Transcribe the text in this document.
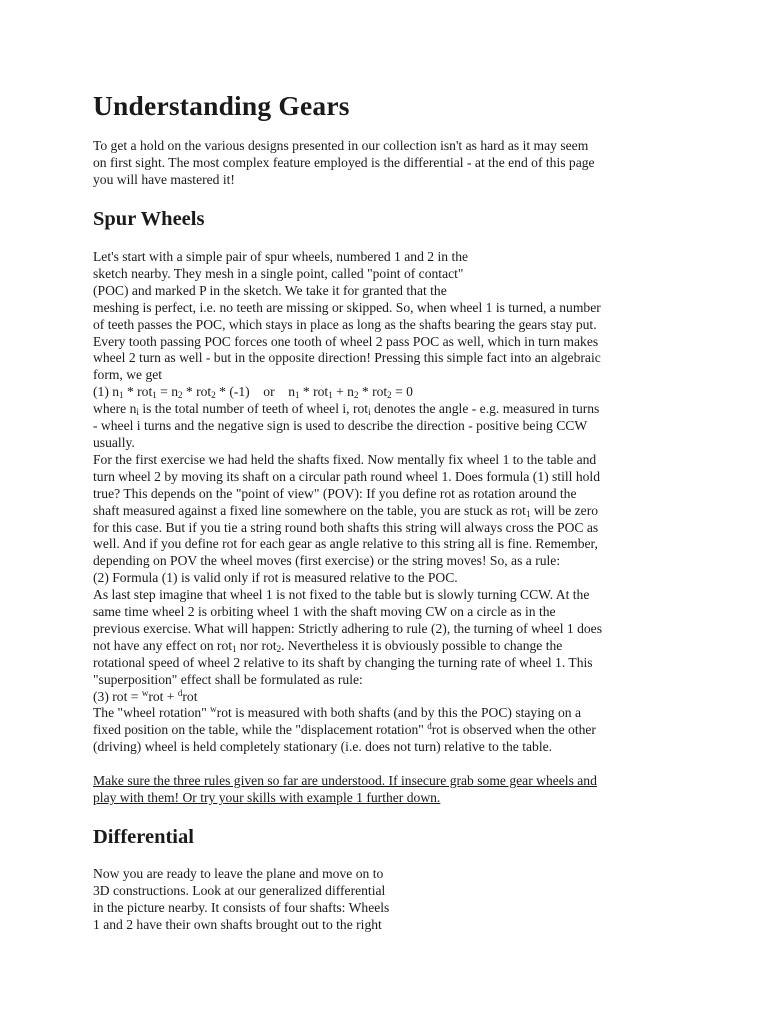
Understanding Gears
To get a hold on the various designs presented in our collection isn't as hard as it may seem
on first sight. The most complex feature employed is the differential - at the end of this page
you will have mastered it!
Spur Wheels
Let's start with a simple pair of spur wheels, numbered 1 and 2 in the
sketch nearby. They mesh in a single point, called "point of contact"
(POC) and marked P in the sketch. We take it for granted that the
meshing is perfect, i.e. no teeth are missing or skipped. So, when wheel 1 is turned, a number
of teeth passes the POC, which stays in place as long as the shafts bearing the gears stay put.
Every tooth passing POC forces one tooth of wheel 2 pass POC as well, which in turn makes
wheel 2 turn as well - but in the opposite direction! Pressing this simple fact into an algebraic
form, we get
(1) $n_1 * rot_1 = n_2 * rot_2 * (-1)$    or    $n_1 * rot_1 + n_2 * rot_2 = 0$
where $n_i$ is the total number of teeth of wheel i, rot$_i$ denotes the angle - e.g. measured in turns
- wheel i turns and the negative sign is used to describe the direction - positive being CCW
usually.
For the first exercise we had held the shafts fixed. Now mentally fix wheel 1 to the table and
turn wheel 2 by moving its shaft on a circular path round wheel 1. Does formula (1) still hold
true? This depends on the "point of view" (POV): If you define rot as rotation around the
shaft measured against a fixed line somewhere on the table, you are stuck as rot$_1$ will be zero
for this case. But if you tie a string round both shafts this string will always cross the POC as
well. And if you define rot for each gear as angle relative to this string all is fine. Remember,
depending on POV the wheel moves (first exercise) or the string moves! So, as a rule:
(2) Formula (1) is valid only if rot is measured relative to the POC.
As last step imagine that wheel 1 is not fixed to the table but is slowly turning CCW. At the
same time wheel 2 is orbiting wheel 1 with the shaft moving CW on a circle as in the
previous exercise. What will happen: Strictly adhering to rule (2), the turning of wheel 1 does
not have any effect on rot$_1$ nor rot$_2$. Nevertheless it is obviously possible to change the
rotational speed of wheel 2 relative to its shaft by changing the turning rate of wheel 1. This
"superposition" effect shall be formulated as rule:
(3) rot = $^w$rot + $^d$rot
The "wheel rotation" $^w$rot is measured with both shafts (and by this the POC) staying on a
fixed position on the table, while the "displacement rotation" $^d$rot is observed when the other
(driving) wheel is held completely stationary (i.e. does not turn) relative to the table.

Make sure the three rules given so far are understood. If insecure grab some gear wheels and
play with them! Or try your skills with example 1 further down.
Differential
Now you are ready to leave the plane and move on to
3D constructions. Look at our generalized differential
in the picture nearby. It consists of four shafts: Wheels
1 and 2 have their own shafts brought out to the right
